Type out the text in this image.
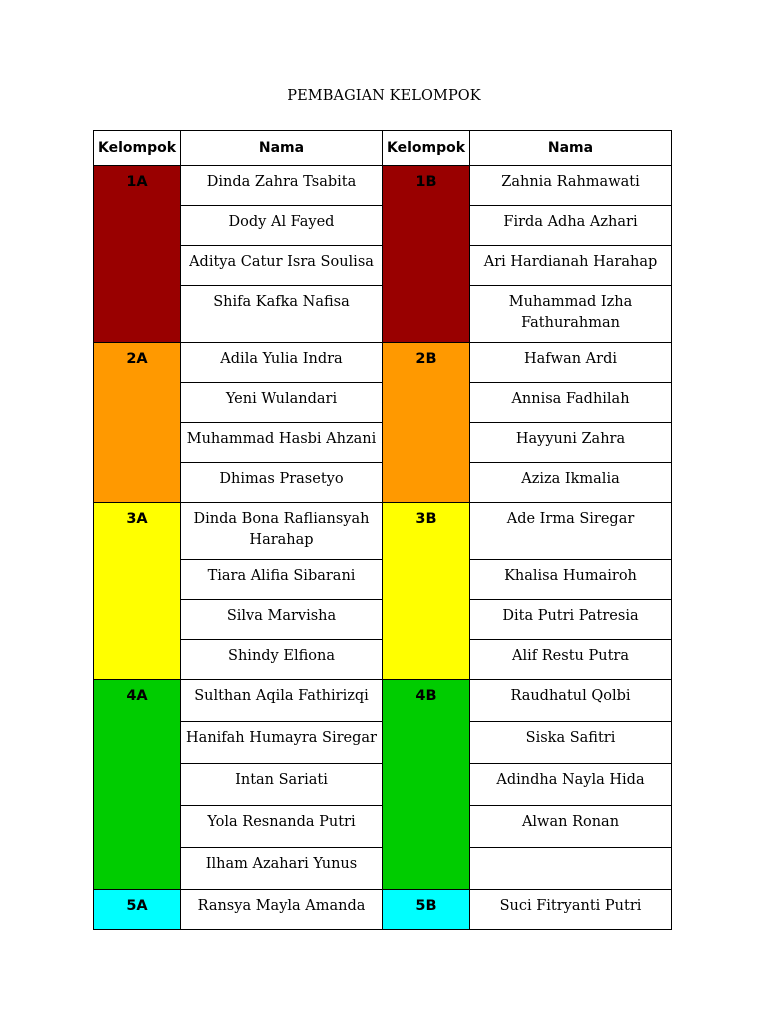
PEMBAGIAN KELOMPOK
Kelompok	Nama	Kelompok	Nama
1A	Dinda Zahra Tsabita	1B	Zahnia Rahmawati
	Dody Al Fayed		Firda Adha Azhari
	Aditya Catur Isra Soulisa		Ari Hardianah Harahap
	Shifa Kafka Nafisa		Muhammad Izha Fathurahman
2A	Adila Yulia Indra	2B	Hafwan Ardi
	Yeni Wulandari		Annisa Fadhilah
	Muhammad Hasbi Ahzani		Hayyuni Zahra
	Dhimas Prasetyo		Aziza Ikmalia
3A	Dinda Bona Rafliansyah Harahap	3B	Ade Irma Siregar
	Tiara Alifia Sibarani		Khalisa Humairoh
	Silva Marvisha		Dita Putri Patresia
	Shindy Elfiona		Alif Restu Putra
4A	Sulthan Aqila Fathirizqi	4B	Raudhatul Qolbi
	Hanifah Humayra Siregar		Siska Safitri
	Intan Sariati		Adindha Nayla Hida
	Yola Resnanda Putri		Alwan Ronan
	Ilham Azahari Yunus		
5A	Ransya Mayla Amanda	5B	Suci Fitryanti Putri
